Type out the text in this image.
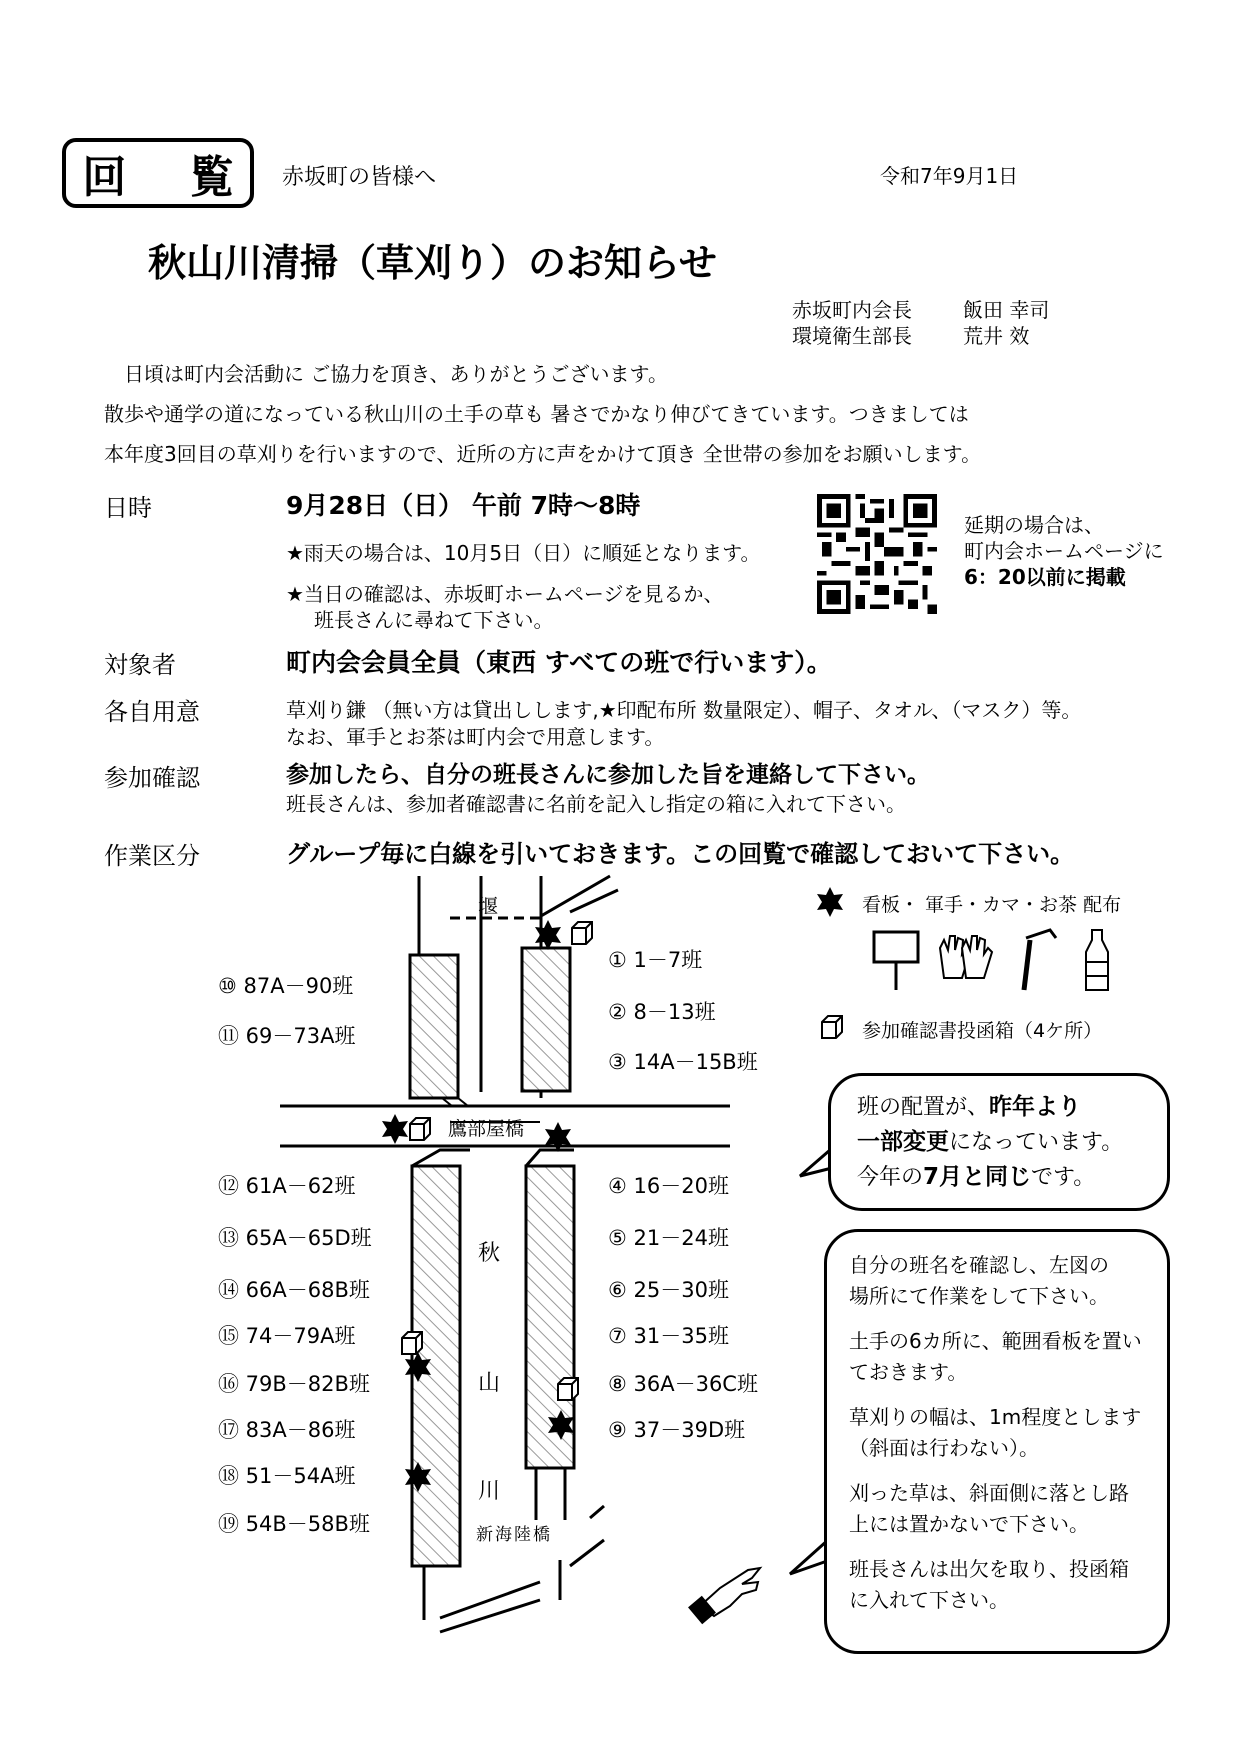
回 覧 赤坂町の皆様へ	令和7年9月1日
秋山川清掃（草刈り）のお知らせ
赤坂町内会長	飯田 幸司
環境衛生部長	荒井 效
日頃は町内会活動に ご協力を頂き、ありがとうございます。
散歩や通学の道になっている秋山川の土手の草も 暑さでかなり伸びてきています。つきましては
本年度3回目の草刈りを行いますので、近所の方に声をかけて頂き 全世帯の参加をお願いします。
日時	9月28日（日） 午前 7時～8時
★雨天の場合は、10月5日（日）に順延となります。
★当日の確認は、赤坂町ホームページを見るか、
班長さんに尋ねて下さい。
延期の場合は、
町内会ホームページに
6：20以前に掲載
対象者	町内会会員全員（東西 すべての班で行います）。
各自用意	草刈り鎌 （無い方は貸出しします,★印配布所 数量限定）、帽子、タオル、（マスク）等。
なお、軍手とお茶は町内会で用意します。
参加確認	参加したら、自分の班長さんに参加した旨を連絡して下さい。
班長さんは、参加者確認書に名前を記入し指定の箱に入れて下さい。
作業区分	グループ毎に白線を引いておきます。この回覧で確認しておいて下さい。
看板・ 軍手・カマ・お茶 配布
参加確認書投函箱（4ケ所）
堰
鷹部屋橋
秋
山
川
新海陸橋
① 1－7班
② 8－13班
③ 14A－15B班
④ 16－20班
⑤ 21－24班
⑥ 25－30班
⑦ 31－35班
⑧ 36A－36C班
⑨ 37－39D班
⑩ 87A－90班
⑪ 69－73A班
⑫ 61A－62班
⑬ 65A－65D班
⑭ 66A－68B班
⑮ 74－79A班
⑯ 79B－82B班
⑰ 83A－86班
⑱ 51－54A班
⑲ 54B－58B班
班の配置が、昨年より
一部変更になっています。
今年の7月と同じです。

自分の班名を確認し、左図の

場所にて作業をして下さい。

土手の6カ所に、範囲看板を置いておきます。

草刈りの幅は、1m程度とします（斜面は行わない）。

刈った草は、斜面側に落とし路上には置かないで下さい。

班長さんは出欠を取り、投函箱に入れて下さい。
